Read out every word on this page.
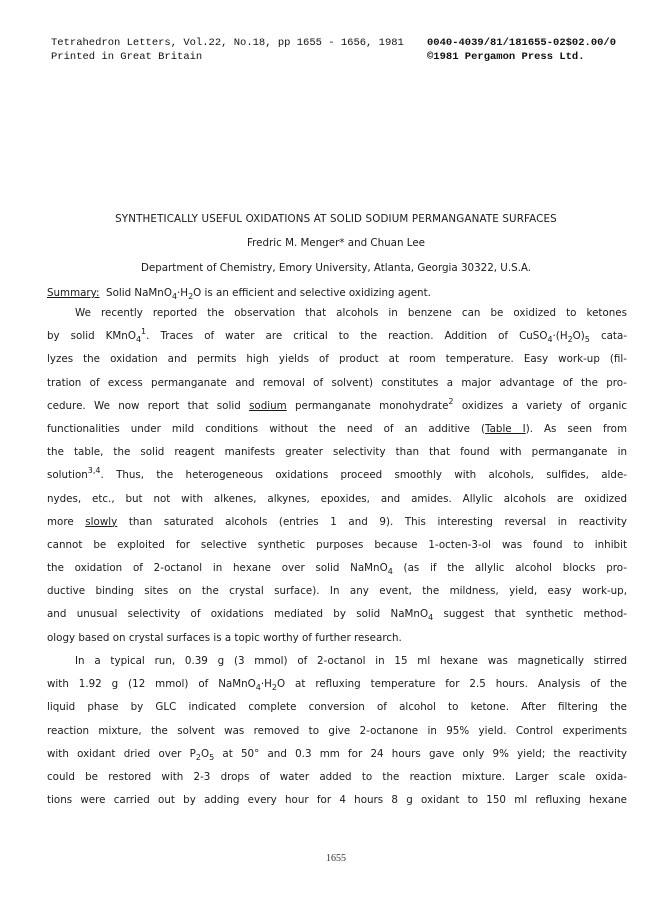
Tetrahedron Letters, Vol.22, No.18, pp 1655 - 1656, 1981
Printed in Great Britain
0040-4039/81/181655-02$02.00/0
©1981 Pergamon Press Ltd.
SYNTHETICALLY USEFUL OXIDATIONS AT SOLID SODIUM PERMANGANATE SURFACES
Fredric M. Menger* and Chuan Lee
Department of Chemistry, Emory University, Atlanta, Georgia 30322, U.S.A.
Summary: Solid $NaMnO_4\cdot H_2O$ is an efficient and selective oxidizing agent.
We recently reported the observation that alcohols in benzene can be oxidized to ketones
by solid KMnO$_4^1$. Traces of water are critical to the reaction. Addition of $CuSO_4\cdot(H_2O)_5$ cata-
lyzes the oxidation and permits high yields of product at room temperature. Easy work-up (fil-
tration of excess permanganate and removal of solvent) constitutes a major advantage of the pro-
cedure. We now report that solid sodium permanganate monohydrate$^2$ oxidizes a variety of organic
functionalities under mild conditions without the need of an additive (Table I). As seen from
the table, the solid reagent manifests greater selectivity than that found with permanganate in
solution$^{3,4}$. Thus, the heterogeneous oxidations proceed smoothly with alcohols, sulfides, alde-
nydes, etc., but not with alkenes, alkynes, epoxides, and amides. Allylic alcohols are oxidized
more slowly than saturated alcohols (entries 1 and 9). This interesting reversal in reactivity
cannot be exploited for selective synthetic purposes because 1-octen-3-ol was found to inhibit
the oxidation of 2-octanol in hexane over solid NaMnO$_4$ (as if the allylic alcohol blocks pro-
ductive binding sites on the crystal surface). In any event, the mildness, yield, easy work-up,
and unusual selectivity of oxidations mediated by solid NaMnO$_4$ suggest that synthetic method-
ology based on crystal surfaces is a topic worthy of further research.
In a typical run, 0.39 g (3 mmol) of 2-octanol in 15 ml hexane was magnetically stirred
with 1.92 g (12 mmol) of $NaMnO_4\cdot H_2O$ at refluxing temperature for 2.5 hours. Analysis of the
liquid phase by GLC indicated complete conversion of alcohol to ketone. After filtering the
reaction mixture, the solvent was removed to give 2-octanone in 95% yield. Control experiments
with oxidant dried over $P_2O_5$ at 50° and 0.3 mm for 24 hours gave only 9% yield; the reactivity
could be restored with 2-3 drops of water added to the reaction mixture. Larger scale oxida-
tions were carried out by adding every hour for 4 hours 8 g oxidant to 150 ml refluxing hexane
1655
